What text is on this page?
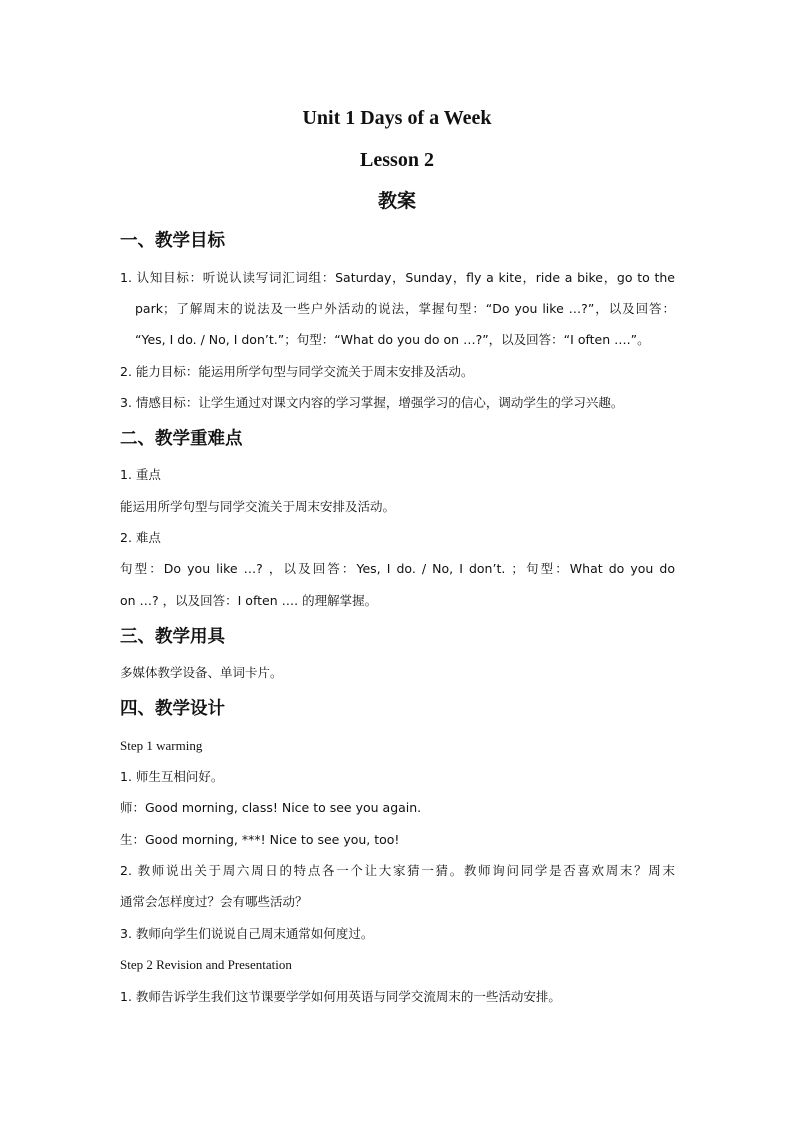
Unit 1 Days of a Week
Lesson 2
教案
一、教学目标

1. 认知目标：听说认读写词汇词组：Saturday，Sunday，fly a kite，ride a bike，go to the

park；了解周末的说法及一些户外活动的说法，掌握句型：“Do you like …?”，以及回答：

“Yes, I do. / No, I don’t.”；句型：“What do you do on …?”，以及回答：“I often ….”。

2. 能力目标：能运用所学句型与同学交流关于周末安排及活动。

3. 情感目标：让学生通过对课文内容的学习掌握，增强学习的信心，调动学生的学习兴趣。

二、教学重难点

1. 重点

能运用所学句型与同学交流关于周末安排及活动。

2. 难点

句型：Do you like …? ，以及回答：Yes, I do. / No, I don’t. ；句型：What do you do

on …? ，以及回答：I often …. 的理解掌握。

三、教学用具

多媒体教学设备、单词卡片。

四、教学设计

Step 1 warming

1. 师生互相问好。

师：Good morning, class! Nice to see you again.

生：Good morning, ***! Nice to see you, too!

2. 教师说出关于周六周日的特点各一个让大家猜一猜。教师询问同学是否喜欢周末？周末

通常会怎样度过？会有哪些活动？

3. 教师向学生们说说自己周末通常如何度过。

Step 2 Revision and Presentation

1. 教师告诉学生我们这节课要学学如何用英语与同学交流周末的一些活动安排。
